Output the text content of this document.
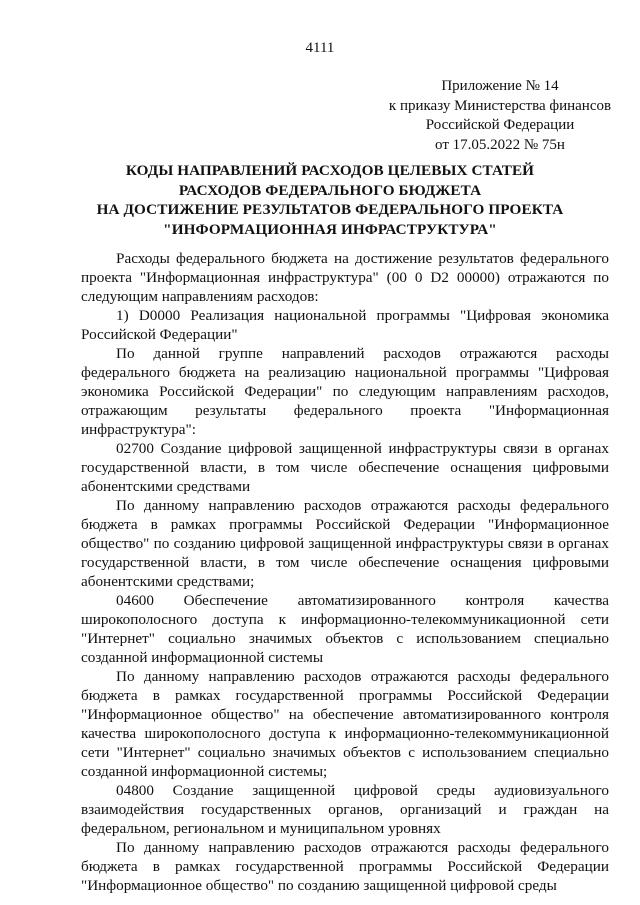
4111
Приложение № 14
к приказу Министерства финансов
Российской Федерации
от 17.05.2022 № 75н
КОДЫ НАПРАВЛЕНИЙ РАСХОДОВ ЦЕЛЕВЫХ СТАТЕЙ
РАСХОДОВ ФЕДЕРАЛЬНОГО БЮДЖЕТА
НА ДОСТИЖЕНИЕ РЕЗУЛЬТАТОВ ФЕДЕРАЛЬНОГО ПРОЕКТА
"ИНФОРМАЦИОННАЯ ИНФРАСТРУКТУРА"

Расходы федерального бюджета на достижение результатов федерального проекта "Информационная инфраструктура" (00 0 D2 00000) отражаются по следующим направлениям расходов:

1) D0000 Реализация национальной программы "Цифровая экономика Российской Федерации"

По данной группе направлений расходов отражаются расходы федерального бюджета на реализацию национальной программы "Цифровая экономика Российской Федерации" по следующим направлениям расходов, отражающим результаты федерального проекта "Информационная инфраструктура":

02700 Создание цифровой защищенной инфраструктуры связи в органах государственной власти, в том числе обеспечение оснащения цифровыми абонентскими средствами

По данному направлению расходов отражаются расходы федерального бюджета в рамках программы Российской Федерации "Информационное общество" по созданию цифровой защищенной инфраструктуры связи в органах государственной власти, в том числе обеспечение оснащения цифровыми абонентскими средствами;

04600 Обеспечение автоматизированного контроля качества широкополосного доступа к информационно-телекоммуникационной сети "Интернет" социально значимых объектов с использованием специально созданной информационной системы

По данному направлению расходов отражаются расходы федерального бюджета в рамках государственной программы Российской Федерации "Информационное общество" на обеспечение автоматизированного контроля качества широкополосного доступа к информационно-телекоммуникационной сети "Интернет" социально значимых объектов с использованием специально созданной информационной системы;

04800 Создание защищенной цифровой среды аудиовизуального взаимодействия государственных органов, организаций и граждан на федеральном, региональном и муниципальном уровнях

По данному направлению расходов отражаются расходы федерального бюджета в рамках государственной программы Российской Федерации "Информационное общество" по созданию защищенной цифровой среды
